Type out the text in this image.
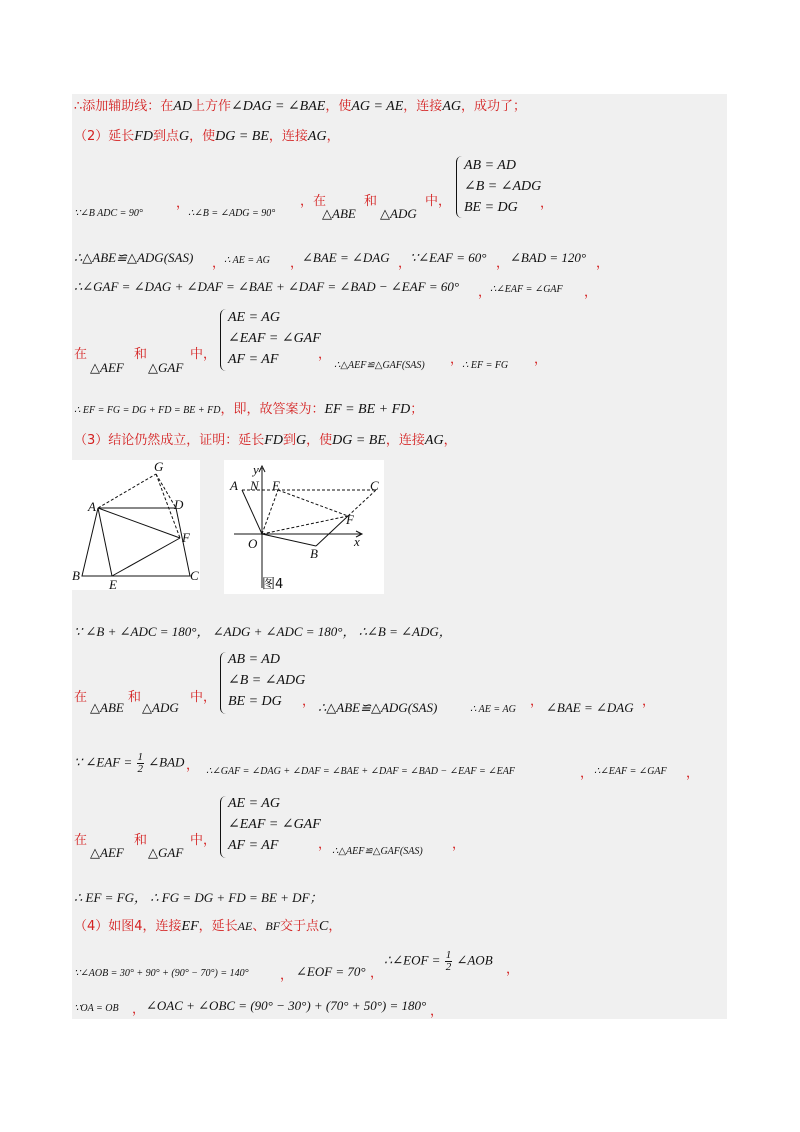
∴添加辅助线：在AD上方作∠DAG = ∠BAE，使AG = AE，连接AG，成功了；
（2）延长FD到点G，使DG = BE，连接AG，
∵∠B ADC = 90°
，
∴∠B = ∠ADG = 90°
，在	和	中，
△ABE △ADG
AB = AD
∠B = ∠ADG
BE = DG	，
∴△ABE≌△ADG(SAS) ，
∴ AE = AG ，
∠BAE = ∠DAG ，
∵∠EAF = 60° ， ∠BAD = 120° ，
∴∠GAF = ∠DAG + ∠DAF = ∠BAE + ∠DAF = ∠BAD − ∠EAF = 60° ，
∴∠EAF = ∠GAF ，
在	和	中，
△AEF △GAF
AE = AG
∠EAF = ∠GAF
AF = AF	，
∴△AEF≌△GAF(SAS) ，
∴ EF = FG ，
∴ EF = FG = DG + FD = BE + FD，即，故答案为：EF = BE + FD；
（3）结论仍然成立，证明：延长FD到G，使DG = BE，连接AG，
G
A	D
F
B
E
C
y
A N E	C
F
O
B
x
图4
∵ ∠B + ∠ADC = 180°， ∠ADG + ∠ADC = 180°， ∴∠B = ∠ADG，
在	和	中，
△ABE △ADG
AB = AD
∠B = ∠ADG
BE = DG	， ∴△ABE≌△ADG(SAS)	∴ AE = AG
， ∠BAE = ∠DAG ，
∵ ∠EAF = $\frac{1}{2}$ ∠BAD ， ∴∠GAF = ∠DAG + ∠DAF = ∠BAE + ∠DAF = ∠BAD − ∠EAF = ∠EAF	， ∴∠EAF = ∠GAF ，
在	和	中，
△AEF △GAF
AE = AG
∠EAF = ∠GAF
AF = AF	， ∴△AEF≌△GAF(SAS) ，
∴ EF = FG， ∴ FG = DG + FD = BE + DF；
（4）如图4，连接EF，延长AE、BF交于点C，
∵∠AOB = 30° + 90° + (90° − 70°) = 140° ， ∠EOF = 70° ，
∴∠EOF = $\frac{1}{2}$ ∠AOB
，
∵OA = OB ， ∠OAC + ∠OBC = (90° − 30°) + (70° + 50°) = 180° ，
